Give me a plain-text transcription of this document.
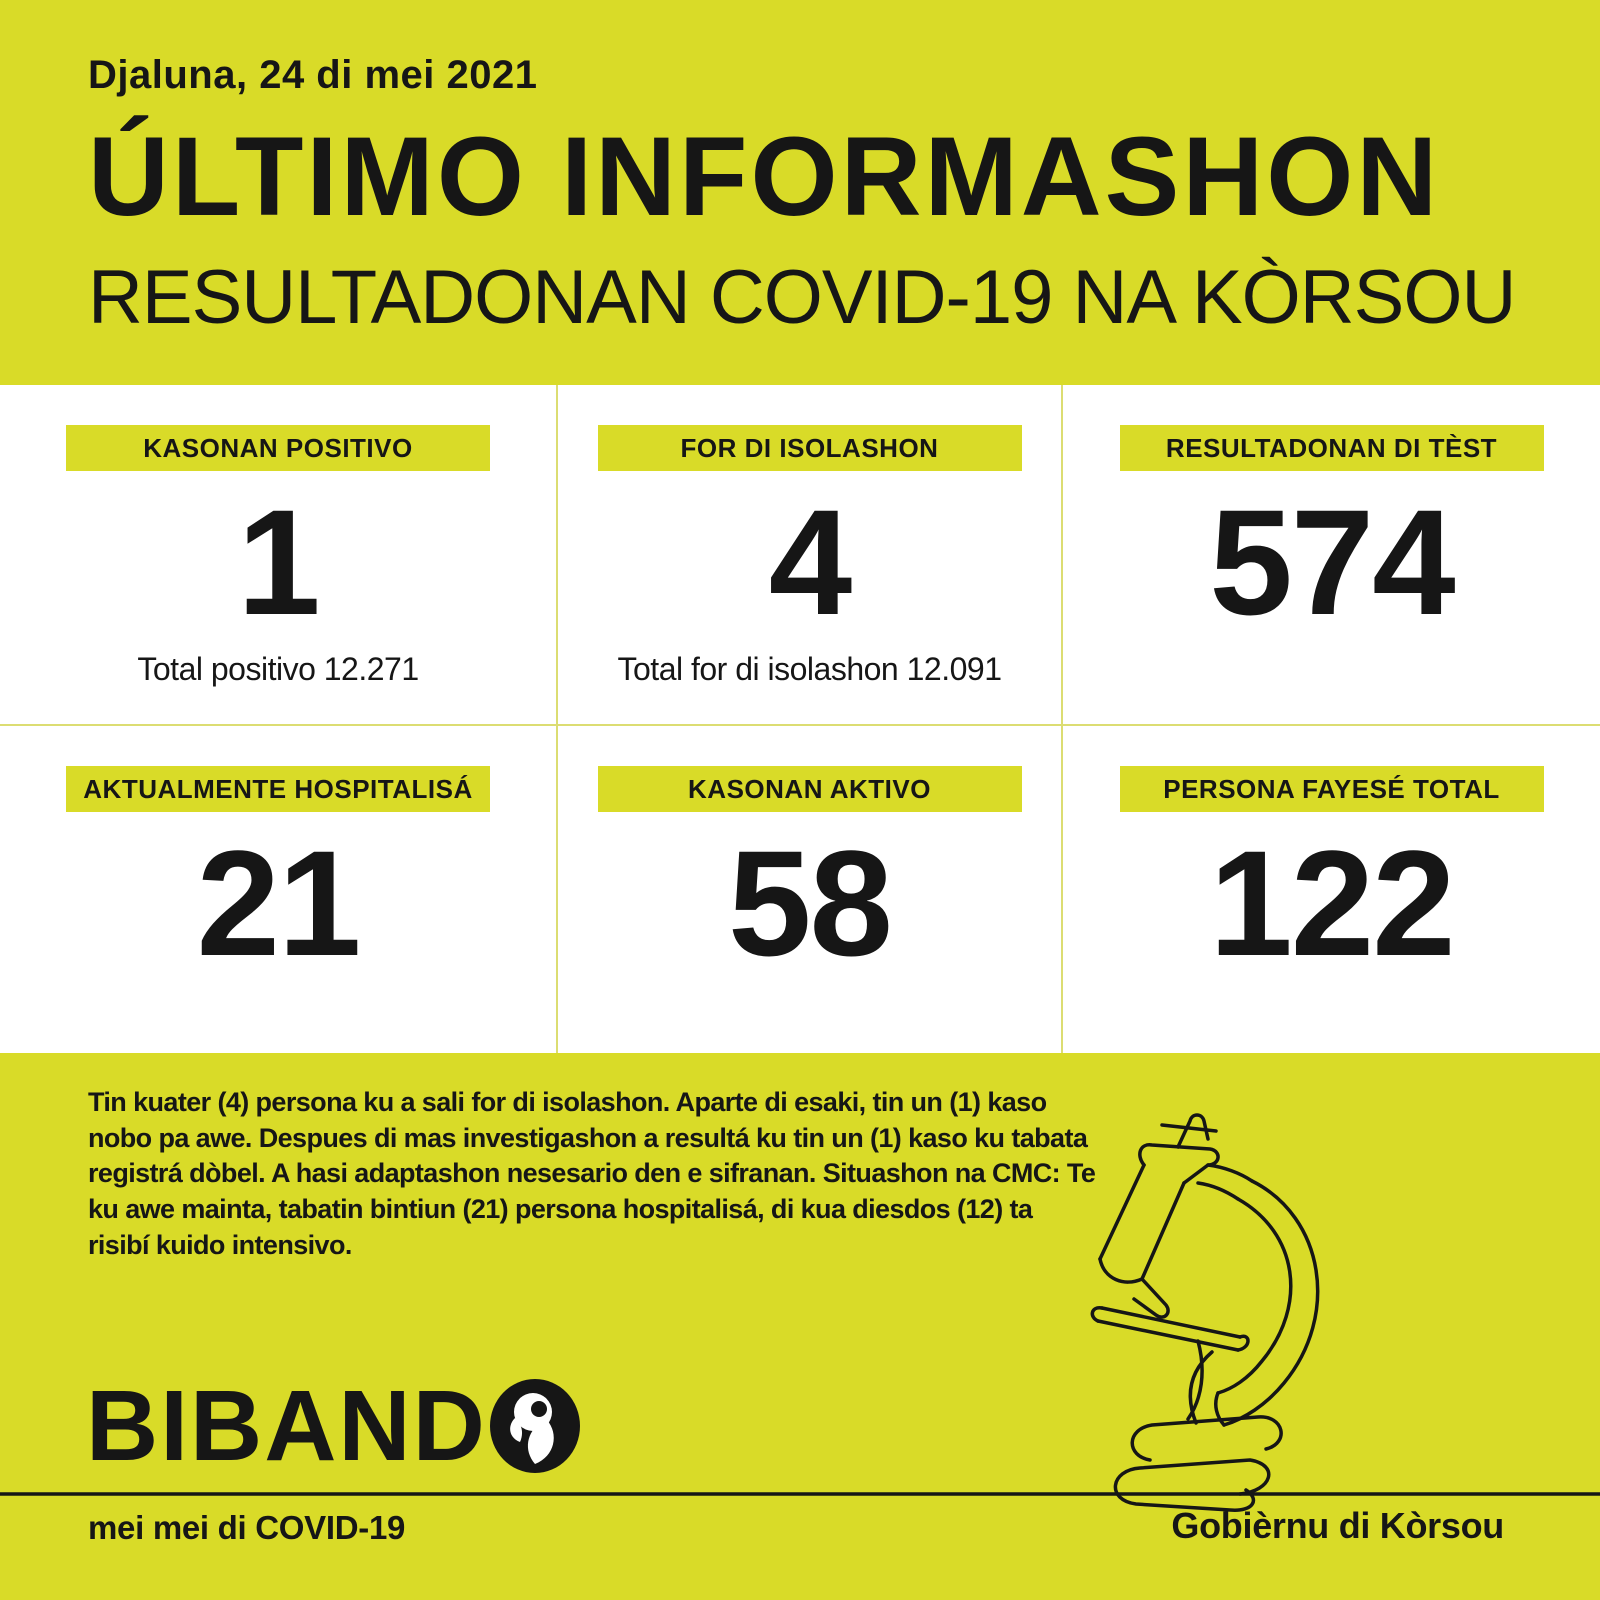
Djaluna, 24 di mei 2021
ÚLTIMO INFORMASHON
RESULTADONAN COVID-19 NA KÒRSOU
KASONAN POSITIVO
1
Total positivo 12.271
FOR DI ISOLASHON
4
Total for di isolashon 12.091
RESULTADONAN DI TÈST
574
AKTUALMENTE HOSPITALISÁ
21
KASONAN AKTIVO
58
PERSONA FAYESÉ TOTAL
122

Tin kuater (4) persona ku a sali for di isolashon. Aparte di esaki, tin un (1) kaso nobo pa awe. Despues di mas investigashon a resultá ku tin un (1) kaso ku tabata registrá dòbel. A hasi adaptashon nesesario den e sifranan. Situashon na CMC: Te ku awe mainta, tabatin bintiun (21) persona hospitalisá, di kua diesdos (12) ta risibí kuido intensivo.

BIBAND
mei mei di COVID-19	Gobièrnu di Kòrsou
